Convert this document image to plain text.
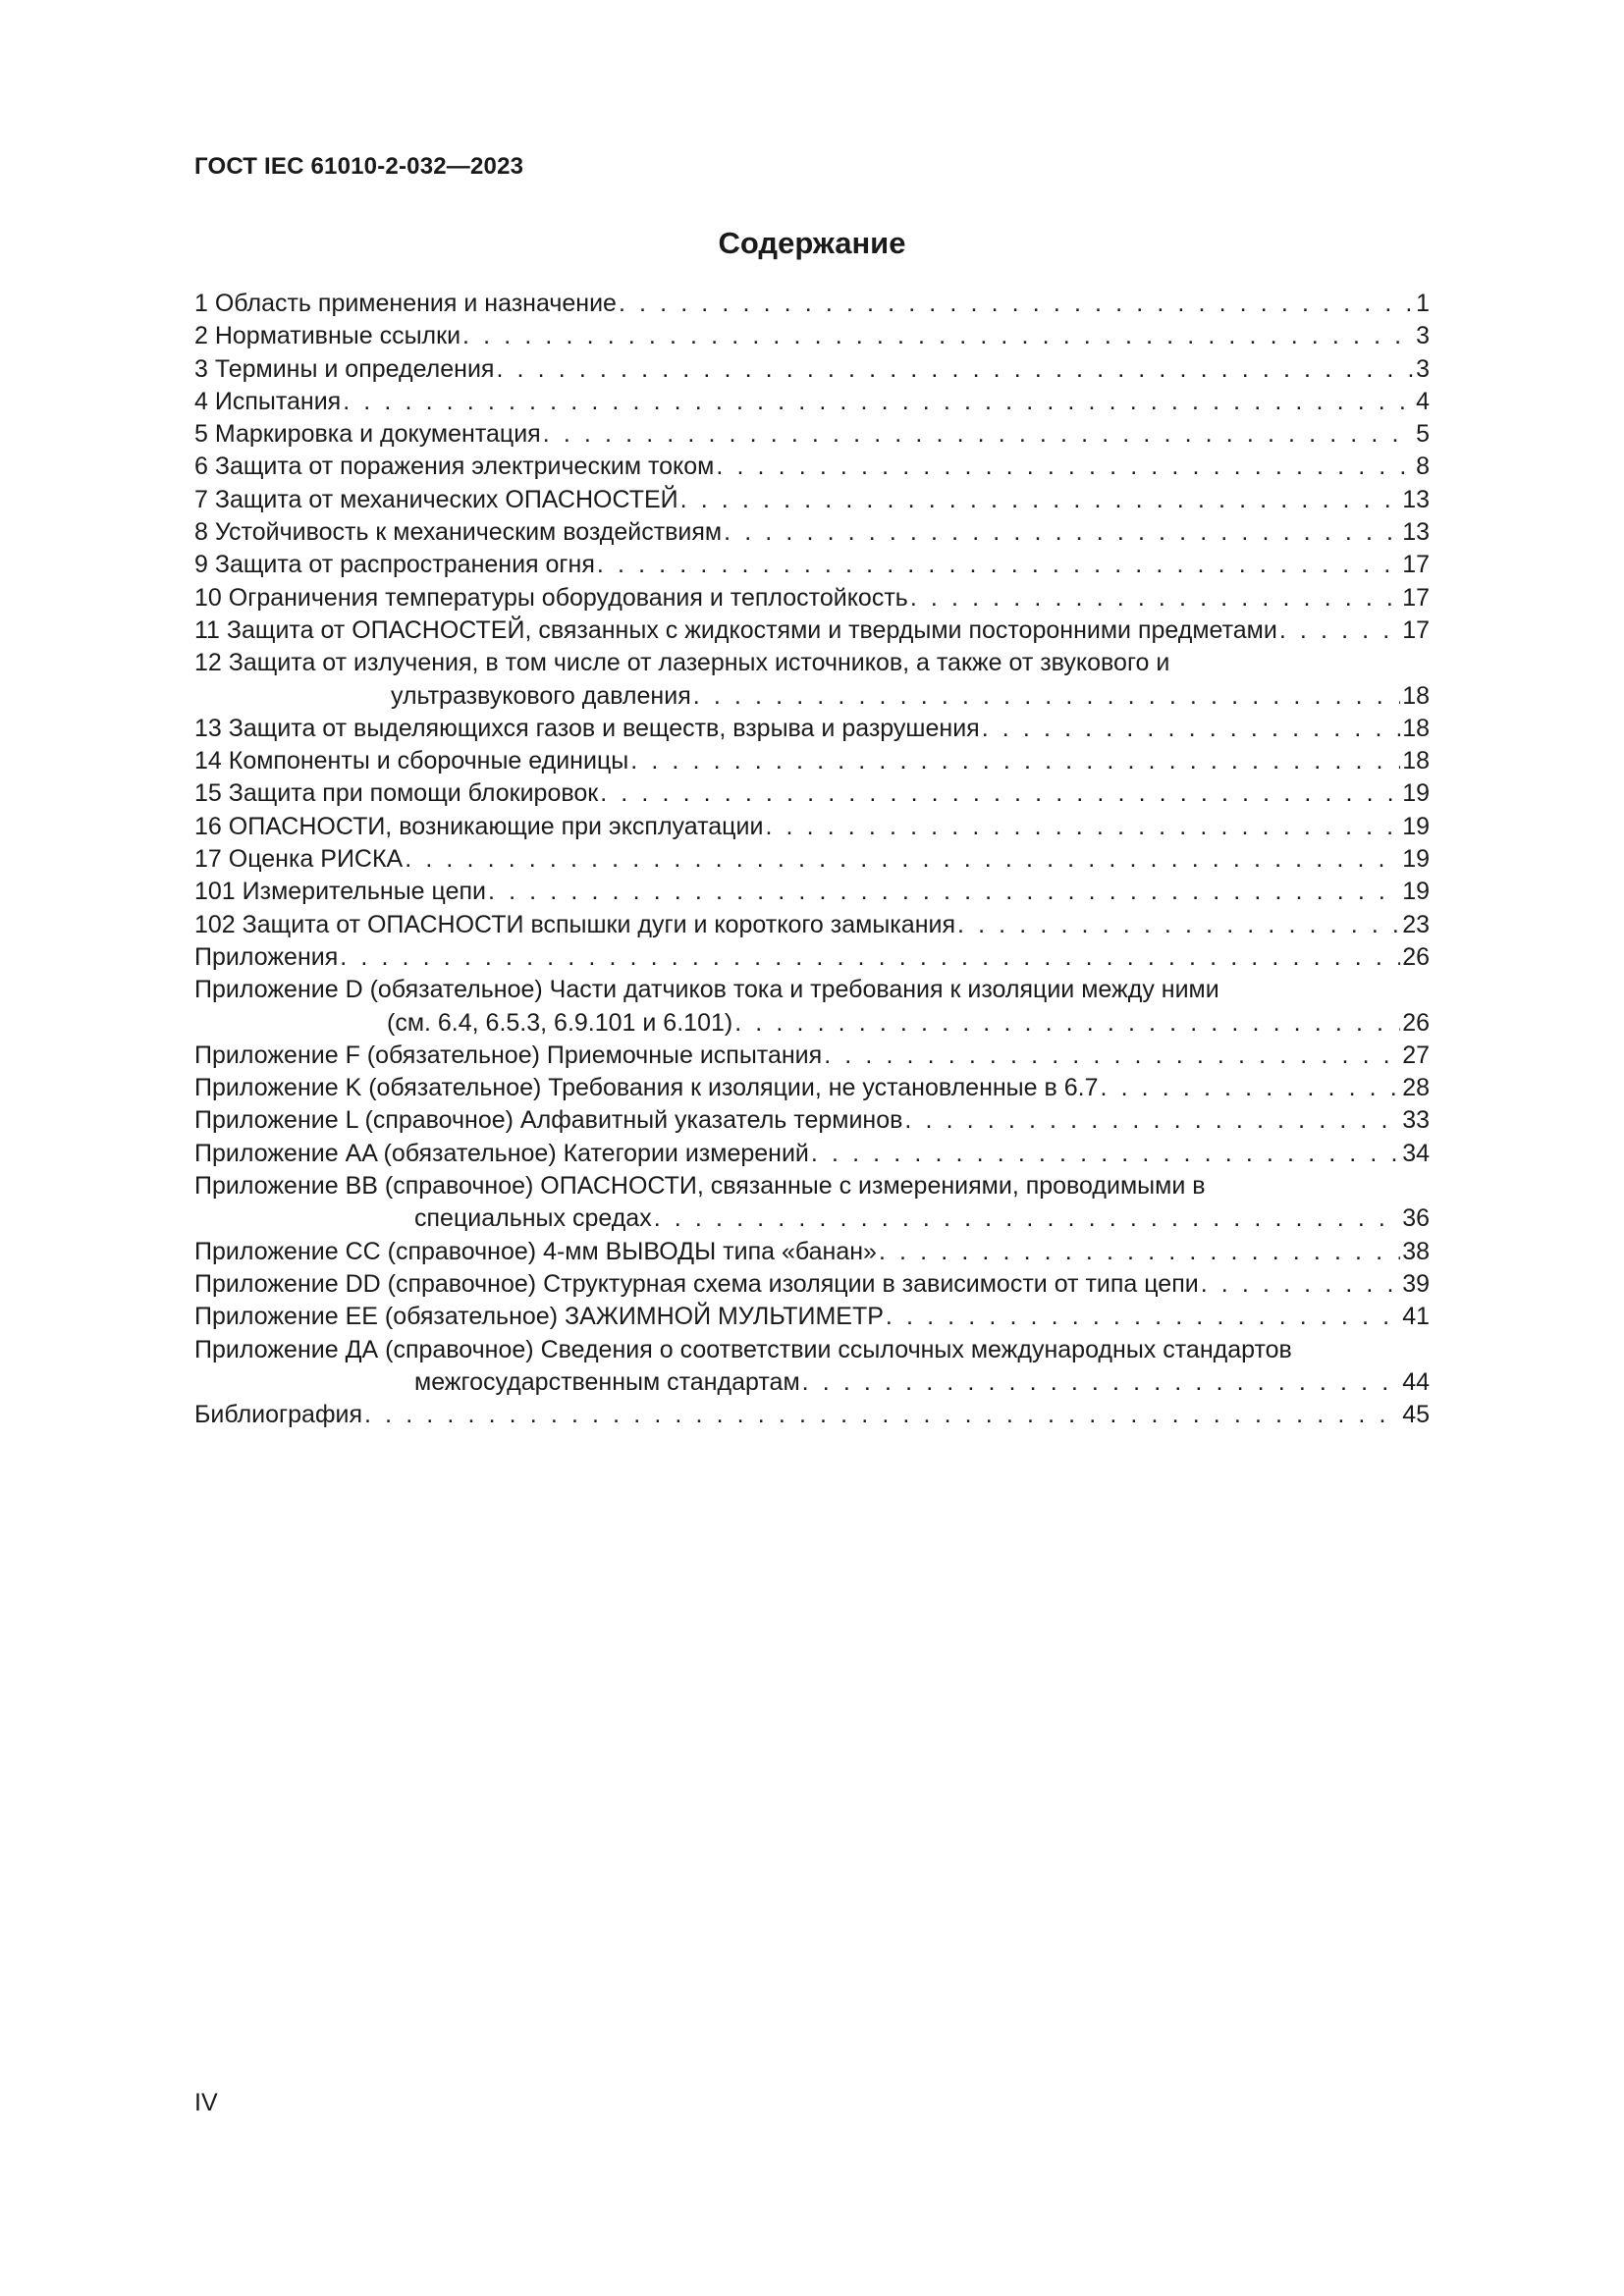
ГОСТ IEC 61010-2-032—2023
Содержание
1 Область применения и назначение . . .	1
2 Нормативные ссылки . . .	3
3 Термины и определения . . .	3
4 Испытания . . .	4
5 Маркировка и документация . . .	5
6 Защита от поражения электрическим током . . .	8
7 Защита от механических ОПАСНОСТЕЙ . . .	13
8 Устойчивость к механическим воздействиям . . .	13
9 Защита от распространения огня . . .	17
10 Ограничения температуры оборудования и теплостойкость . . .	17
11 Защита от ОПАСНОСТЕЙ, связанных с жидкостями и твердыми посторонними предметами . . .	17
12 Защита от излучения, в том числе от лазерных источников, а также от звукового и
ультразвукового давления . . .	18
13 Защита от выделяющихся газов и веществ, взрыва и разрушения . . .	18
14 Компоненты и сборочные единицы . . .	18
15 Защита при помощи блокировок . . .	19
16 ОПАСНОСТИ, возникающие при эксплуатации . . .	19
17 Оценка РИСКА . . .	19
101 Измерительные цепи . . .	19
102 Защита от ОПАСНОСТИ вспышки дуги и короткого замыкания . . .	23
Приложения . . .	26
Приложение D (обязательное) Части датчиков тока и требования к изоляции между ними
(см. 6.4, 6.5.3, 6.9.101 и 6.101) . . .	26
Приложение F (обязательное) Приемочные испытания . . .	27
Приложение K (обязательное) Требования к изоляции, не установленные в 6.7 . . .	28
Приложение L (справочное) Алфавитный указатель терминов . . .	33
Приложение AA (обязательное) Категории измерений . . .	34
Приложение BB (справочное) ОПАСНОСТИ, связанные с измерениями, проводимыми в
специальных средах . . .	36
Приложение CC (справочное) 4-мм ВЫВОДЫ типа «банан» . . .	38
Приложение DD (справочное) Структурная схема изоляции в зависимости от типа цепи . . .	39
Приложение EE (обязательное) ЗАЖИМНОЙ МУЛЬТИМЕТР . . .	41
Приложение ДА (справочное) Сведения о соответствии ссылочных международных стандартов
межгосударственным стандартам . . .	44
Библиография . . .	45
IV
